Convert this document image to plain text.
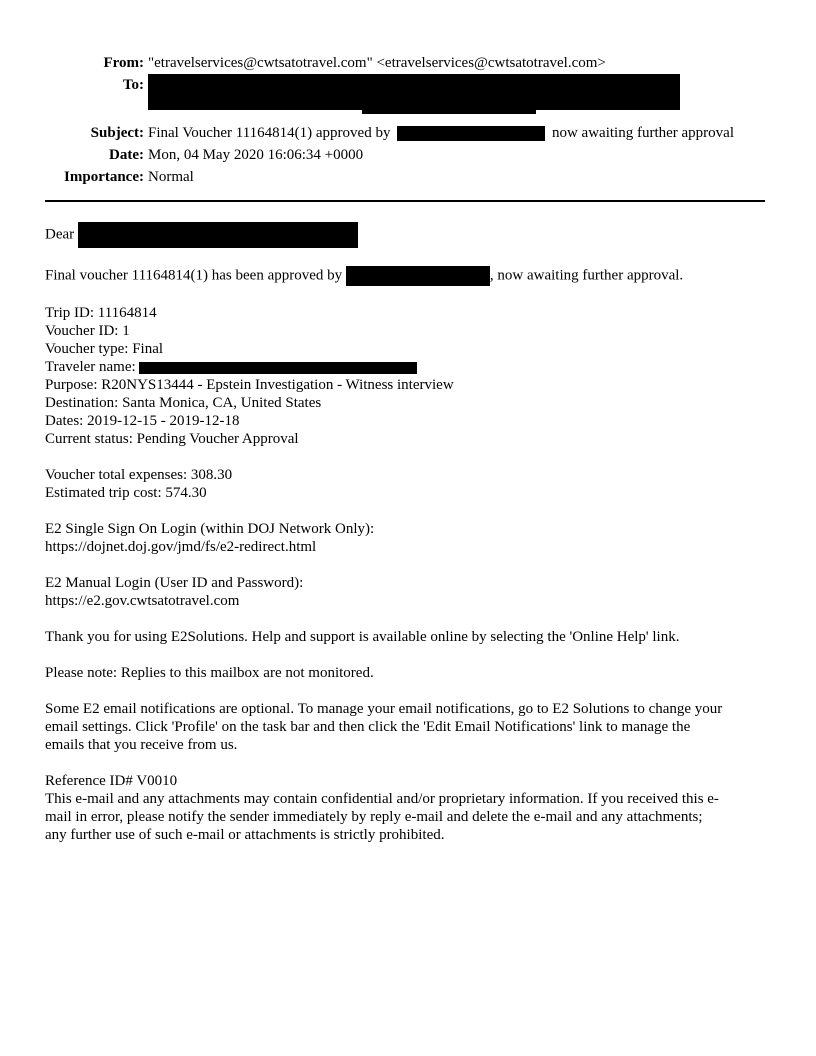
From: "etravelservices@cwtsatotravel.com" <etravelservices@cwtsatotravel.com>
To:
Subject: Final Voucher 11164814(1) approved by	now awaiting further approval
Date: Mon, 04 May 2020 16:06:34 +0000
Importance: Normal

Dear

Final voucher 11164814(1) has been approved by	, now awaiting further approval.

Trip ID: 11164814
Voucher ID: 1
Voucher type: Final
Traveler name:
Purpose: R20NYS13444 - Epstein Investigation - Witness interview
Destination: Santa Monica, CA, United States
Dates: 2019-12-15 - 2019-12-18
Current status: Pending Voucher Approval

Voucher total expenses: 308.30
Estimated trip cost: 574.30

E2 Single Sign On Login (within DOJ Network Only):
https://dojnet.doj.gov/jmd/fs/e2-redirect.html

E2 Manual Login (User ID and Password):
https://e2.gov.cwtsatotravel.com

Thank you for using E2Solutions. Help and support is available online by selecting the 'Online Help' link.

Please note: Replies to this mailbox are not monitored.

Some E2 email notifications are optional. To manage your email notifications, go to E2 Solutions to change your
email settings. Click 'Profile' on the task bar and then click the 'Edit Email Notifications' link to manage the
emails that you receive from us.

Reference ID# V0010
This e-mail and any attachments may contain confidential and/or proprietary information. If you received this e-
mail in error, please notify the sender immediately by reply e-mail and delete the e-mail and any attachments;
any further use of such e-mail or attachments is strictly prohibited.
